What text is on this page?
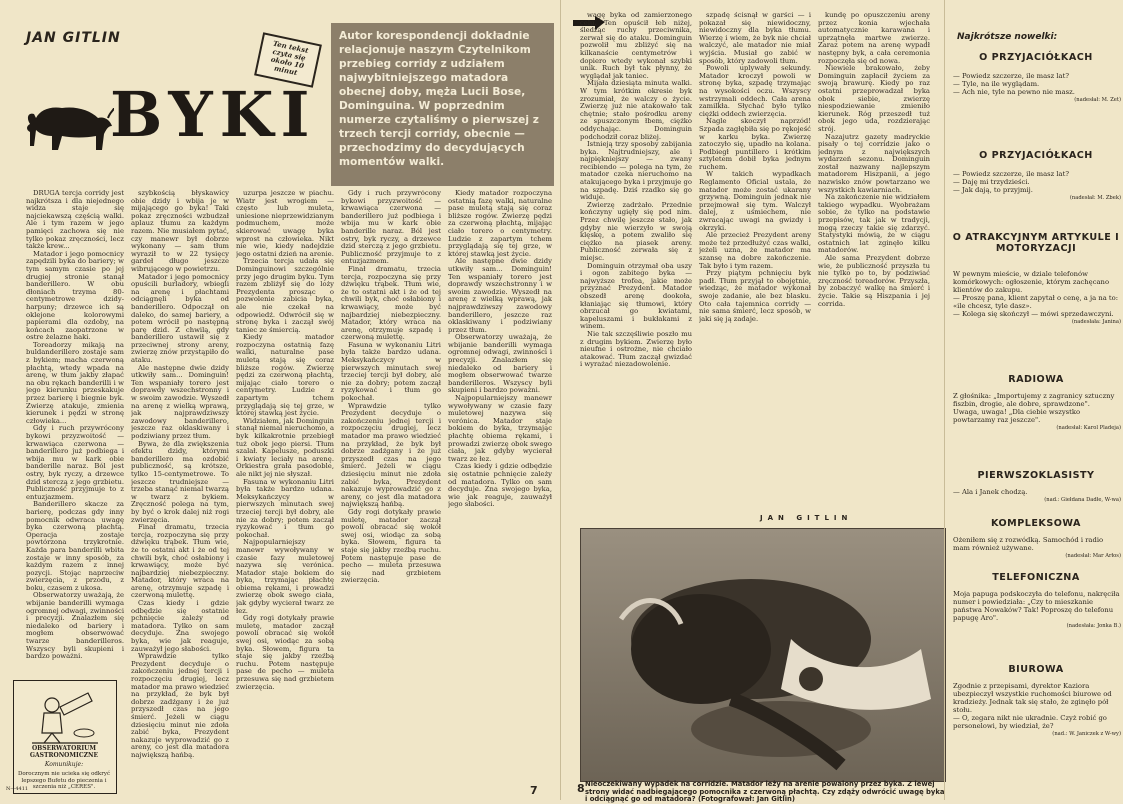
JAN GITLIN
Ten tekst czyta się około 10 minut
Autor korespondencji dokładnie relacjonuje naszym Czytelnikom przebieg corridy z udziałem najwybitniejszego matadora obecnej doby, męża Lucii Bose, Dominguina. W poprzednim numerze czytaliśmy o pierwszej z trzech tercji corridy, obecnie — przechodzimy do decydujących momentów walki.
BYKI

DRUGA tercja corridy jest najkrótsza i dla niejednego widza staje się najciekawszą częścią walki. Ale i tym razem w jego pamięci zachowa się nie tylko pokaz zręczności, lecz także krew...

Matador i jego pomocnicy zapędzili byka do bariery; w tym samym czasie po jej drugiej stronie stanął banderillero. W obu dłoniach trzyma 80-centymetrowe dzidy-harpuny; drzewce ich są oklejone kolorowymi papierami dla ozdoby, na końcach zaopatrzone w ostre żelazne haki.

Toreadorzy mikają na buldanderillero zostaje sam z bykiem; macha czerwoną płachtą, wtedy wpada na arenę, w tłum jakby złapać na obu rękach banderilli i w jego kierunku przeskakuje przez barierę i biegnie byk. Zwierzę atakuje, zmienia kierunek i pędzi w stronę człowieka...

Gdy i ruch przywrócony bykowi przyzwoitość — krwawiąca czerwona — banderillero już podbiega i wbija mu w kark obie banderille naraz. Ból jest ostry, byk ryczy, a drzewce dzid sterczą z jego grzbietu. Publiczność przyjmuje to z entuzjazmem.

Banderillero skacze za barierę, podczas gdy inny pomocnik odwraca uwagę byka czerwoną płachtą. Operacja zostaje powtórzona trzykrotnie. Każda para banderilli wbita zostaje w inny sposób, za każdym razem z innej pozycji. Stojąc naprzeciw zwierzęcia, z przodu, z boku, czasem z ukosa.

Obserwatorzy uważają, że wbijanie banderilli wymaga ogromnej odwagi, zwinności i precyzji. Znalazłem się niedaleko od bariery i mogłem obserwować twarze banderilleros. Wszyscy byli skupieni i bardzo poważni.

szybkością błyskawicy obie dzidy i wbija je w mijającego go byka! Taki pokaz zręczności wzbudzał aplauz tłumu za każdym razem. Nie musiałem pytać, czy manewr był dobrze wykonany — sam tłum wyraził to w 22 tysięcy gardeł długo jeszcze wibrującego w powietrzu.

Matador i jego pomocnicy opuścili burladory, wbiegli na arenę i płachtami odciągnęli byka od banderillero. Odpoczął on daleko, do samej bariery, a potem wrócił po następną parę dzid. Z chwilą, gdy banderillero ustawił się z przeciwnej strony areny, zwierzę znów przystąpiło do ataku.

Ale następne dwie dzidy utkwiły sam... Dominguin! Ten wspaniały torero jest doprawdy wszechstronny i w swoim zawodzie. Wyszedł na arenę z wielką wprawą, jak najprawdziwszy zawodowy banderillero, jeszcze raz oklaskiwany i podziwiany przez tłum.

Bywa, że dla zwiększenia efektu dzidy, którymi banderillero ma ozdobić publiczność, są krótsze, tylko 15-centymetrowe. To jeszcze trudniejsze — trzeba stanąć niemal twarzą w twarz z bykiem. Zręczność polega na tym, by być o krok dalej niż rogi zwierzęcia.

Finał dramatu, trzecia tercja, rozpoczyna się przy dźwięku trąbek. Tłum wie, że to ostatni akt i że od tej chwili byk, choć osłabiony i krwawiący, może być najbardziej niebezpieczny. Matador, który wraca na arenę, otrzymuje szpadę i czerwoną mulettę.

Czas kiedy i gdzie odbędzie się ostatnie pchnięcie zależy od matadora. Tylko on sam decyduje. Zna swojego byka, wie jak reaguje, zauważył jego słabości.

Wprawdzie tylko Prezydent decyduje o zakończeniu jednej tercji i rozpoczęciu drugiej, lecz matador ma prawo wiedzieć na przykład, że byk był dobrze zadźgany i że już przyszedł czas na jego śmierć. Jeżeli w ciągu dziesięciu minut nie zdoła zabić byka, Prezydent nakazuje wyprowadzić go z areny, co jest dla matadora największą hańbą.

uzurpa jeszcze w piachu. Wiatr jest wrogiem — często lub muleta, uniesione nieprzewidzianym podmuchem, może skierować uwagę byka wprost na człowieka. Nikt nie wie, kiedy nadejdzie jego ostatni dzień na arenie.

Trzecia tercja udała się Dominguinowi szczególnie przy jego drugim byku. Tym razem zbliżył się do loży Prezydenta prosząc o pozwolenie zabicia byka, ale nie czekał na odpowiedź. Odwrócił się w stronę byka i zaczął swój taniec ze śmiercią.

Kiedy matador rozpoczyna ostatnią fazę walki, naturalne pase muletą stają się coraz bliższe rogów. Zwierzę pędzi za czerwoną płachtą, mijając ciało torero o centymetry. Ludzie z zapartym tchem przyglądają się tej grze, w której stawką jest życie.

Widziałem, jak Dominguin stanął niemal nieruchomo, a byk kilkakrotnie przebiegł tuż obok jego piersi. Tłum szalał. Kapelusze, poduszki i kwiaty leciały na arenę. Orkiestra grała pasodoble, ale nikt jej nie słyszał.

Fasuna w wykonaniu Litri była także bardzo udana. Meksykańczycy w pierwszych minutach swej trzeciej tercji był dobry, ale nie za dobry; potem zaczął ryzykować i tłum go pokochał.

Najpopularniejszy manewr wywoływany w czasie fazy muletowej nazywa się verónica. Matador staje bokiem do byka, trzymając płachtę obiema rękami, i prowadzi zwierzę obok swego ciała, jak gdyby wycierał twarz ze łez.

Gdy rogi dotykały prawie muletę, matador zaczął powoli obracać się wokół swej osi, wiodąc za sobą byka. Słowem, figura ta staje się jakby rzeźbą ruchu. Potem następuje pase de pecho — muleta przesuwa się nad grzbietem zwierzęcia.

Gdy i ruch przywrócony bykowi przyzwoitość — krwawiąca czerwona — banderillero już podbiega i wbija mu w kark obie banderille naraz. Ból jest ostry, byk ryczy, a drzewce dzid sterczą z jego grzbietu. Publiczność przyjmuje to z entuzjazmem.

Finał dramatu, trzecia tercja, rozpoczyna się przy dźwięku trąbek. Tłum wie, że to ostatni akt i że od tej chwili byk, choć osłabiony i krwawiący, może być najbardziej niebezpieczny. Matador, który wraca na arenę, otrzymuje szpadę i czerwoną mulettę.

Fasuna w wykonaniu Litri była także bardzo udana. Meksykańczycy w pierwszych minutach swej trzeciej tercji był dobry, ale nie za dobry; potem zaczął ryzykować i tłum go pokochał.

Wprawdzie tylko Prezydent decyduje o zakończeniu jednej tercji i rozpoczęciu drugiej, lecz matador ma prawo wiedzieć na przykład, że byk był dobrze zadźgany i że już przyszedł czas na jego śmierć. Jeżeli w ciągu dziesięciu minut nie zdoła zabić byka, Prezydent nakazuje wyprowadzić go z areny, co jest dla matadora największą hańbą.

Gdy rogi dotykały prawie muletę, matador zaczął powoli obracać się wokół swej osi, wiodąc za sobą byka. Słowem, figura ta staje się jakby rzeźbą ruchu. Potem następuje pase de pecho — muleta przesuwa się nad grzbietem zwierzęcia.

Kiedy matador rozpoczyna ostatnią fazę walki, naturalne pase muletą stają się coraz bliższe rogów. Zwierzę pędzi za czerwoną płachtą, mijając ciało torero o centymetry. Ludzie z zapartym tchem przyglądają się tej grze, w której stawką jest życie.

Ale następne dwie dzidy utkwiły sam... Dominguin! Ten wspaniały torero jest doprawdy wszechstronny i w swoim zawodzie. Wyszedł na arenę z wielką wprawą, jak najprawdziwszy zawodowy banderillero, jeszcze raz oklaskiwany i podziwiany przez tłum.

Obserwatorzy uważają, że wbijanie banderilli wymaga ogromnej odwagi, zwinności i precyzji. Znalazłem się niedaleko od bariery i mogłem obserwować twarze banderilleros. Wszyscy byli skupieni i bardzo poważni.

Najpopularniejszy manewr wywoływany w czasie fazy muletowej nazywa się verónica. Matador staje bokiem do byka, trzymając płachtę obiema rękami, i prowadzi zwierzę obok swego ciała, jak gdyby wycierał twarz ze łez.

Czas kiedy i gdzie odbędzie się ostatnie pchnięcie zależy od matadora. Tylko on sam decyduje. Zna swojego byka, wie jak reaguje, zauważył jego słabości.

OBSERWATORIUM GASTRONOMICZNE
Komunikuje:
Dorocznym nie ucieka się odkryć lepszego Bufetu do pieczenia i szczenia niż „CERES".	7
N—4411

wagę byka od zamierzonego celu. Ten opuścił łeb niżej, śledząc ruchy przeciwnika, zerwał się do ataku. Dominguin pozwolił mu zbliżyć się na kilkanaście centymetrów i dopiero wtedy wykonał szybki unik. Ruch był tak płynny, że wyglądał jak taniec.

Mijała dziesiąta minuta walki. W tym krótkim okresie byk zrozumiał, że walczy o życie. Zwierzę już nie atakowało tak chętnie; stało pośrodku areny ze spuszczonym łbem, ciężko oddychając. Dominguin podchodził coraz bliżej.

Istnieją trzy sposoby zabijania byka. Najtrudniejszy, ale i najpiękniejszy — zwany recibiendo — polega na tym, że matador czeka nieruchomo na atakującego byka i przyjmuje go na szpadę. Dziś rzadko się go widuje.

Zwierzę zadrżało. Przednie kończyny ugięły się pod nim. Przez chwilę jeszcze stało, jak gdyby nie wierzyło w swoją klęskę, a potem zwaliło się ciężko na piasek areny. Publiczność zerwała się z miejsc.

Dominguin otrzymał oba uszy i ogon zabitego byka — najwyższe trofea, jakie może przyznać Prezydent. Matador obszedł arenę dookoła, kłaniając się tłumowi, który obrzucał go kwiatami, kapeluszami i bukłakami z winem.

Nie tak szczęśliwie poszło mu z drugim bykiem. Zwierzę było nieufne i ostrożne, nie chciało atakować. Tłum zaczął gwizdać i wyrażać niezadowolenie.

szpadę ścisnął w garści — i pokazał się niewidoczny, niewidoczny dla byka tłumu. Wierzę i wiem, że byk nie chciał walczyć, ale matador nie miał wyjścia. Musiał go zabić w sposób, który zadowoli tłum.

Powoli uplywały sekundy. Matador kroczył powoli w stronę byka, szpadę trzymając na wysokości oczu. Wszyscy wstrzymali oddech. Cała arena zamilkła. Słychać było tylko ciężki oddech zwierzęcia.

Nagle skoczył naprzód! Szpada zagłębiła się po rękojeść w karku byka. Zwierzę zatoczyło się, upadło na kolana. Podbiegł puntillero i krótkim sztyletem dobił byka jednym ruchem.

W takich wypadkach Reglamento Oficial ustala, że matador może zostać ukarany grzywną. Dominguin jednak nie przejmował się tym. Walczył dalej, z uśmiechem, nie zwracając uwagi na gwizdy i okrzyki.

Ale przecież Prezydent areny może też przedłużyć czas walki, jeżeli uzna, że matador ma szansę na dobre zakończenie. Tak było i tym razem.

Przy piątym pchnięciu byk padł. Tłum przyjął to obojętnie, wiedząc, że matador wykonał swoje zadanie, ale bez blasku. Oto cała tajemnica corridy — nie sama śmierć, lecz sposób, w jaki się ją zadaje.

kundę po opuszczeniu areny przez konia wjechała automatycznie karawana i uprzątnęła martwe zwierzę. Zaraz potem na arenę wypadł następny byk, a cała ceremonia rozpoczęła się od nowa.

Niewiele brakowało, żeby Dominguin zapłacił życiem za swoją brawurę. Kiedy po raz ostatni przeprowadzał byka obok siebie, zwierzę niespodziewanie zmieniło kierunek. Róg przeszedł tuż obok jego uda, rozdzierając strój.

Nazajutrz gazety madryckie pisały o tej corridzie jako o jednym z największych wydarzeń sezonu. Dominguin został nazwany najlepszym matadorem Hiszpanii, a jego nazwisko znów powtarzano we wszystkich kawiarniach.

Na zakończenie nie widziałem takiego wypadku. Wyobrażam sobie, że tylko na podstawie przepisów, tak jak w tradycji, mogą rzeczy takie się zdarzyć. Statystyki mówią, że w ciągu ostatnich lat zginęło kilku matadorów.

Ale sama Prezydent dobrze wie, że publiczność przyszła tu nie tylko po to, by podziwiać zręczność toreadorów. Przyszła, by zobaczyć walkę na śmierć i życie. Takie są Hiszpania i jej corrida.

8
JAN GITLIN
Nieoczekiwany wypadek na corridzie. Matador leży na arenie powalony przez byka. Z lewej strony widać nadbiegającego pomocnika z czerwoną płachtą. Czy zdąży odwrócić uwagę byka i odciągnąć go od matadora? (Fotografował: Jan Gitlin)
Najkrótsze nowelki:
O PRZYJACIÓŁKACH

— Powiedz szczerze, ile masz lat?

— Tyle, na ile wyglądam.

— Ach nie, tyle na pewno nie masz.

(nadesłał: M. Zet)

O PRZYJACIÓŁKACH

— Powiedz szczerze, ile masz lat?

— Daję mi trzydzieści.

— Jak dają, to przyjmij.

(nadesłał: M. Zbek)

O ATRAKCYJNYM ARTYKULE I MOTORYZACJI

W pewnym mieście, w dziale telefonów komórkowych: ogłoszenie, którym zachęcano klientów do zakupu.

— Proszę pana, klient zapytał o cenę, a ja na to: «ile chcesz, tyle dasz».

— Kolega się skończył — mówi sprzedawczyni.

(nadesłała: Janina)

RADIOWA

Z głośnika: „Importujemy z zagranicy sztuczny fiszbin, drogie, ale dobre, sprawdzone".

Uwaga, uwaga! „Dla ciebie wszystko powtarzamy raz jeszcze".

(nadesłał: Karol Pladeja)

PIERWSZOKLASISTY

— Ala i Janek chodzą.

(nad.: Giełdana Dadłe, W-wa)

KOMPLEKSOWA

Ożeniłem się z rozwódką. Samochód i radio mam również używane.

(nadesłał: Mar Arłos)

TELEFONICZNA

Moja papuga podskoczyła do telefonu, nakręciła numer i powiedziała: „Czy to mieszkanie państwa Nowaków? Tak! Poproszę do telefonu papugę Aro".

(nadesłała: Jonka B.)

BIUROWA

Zgodnie z przepisami, dyrektor Kaziora ubezpieczył wszystkie ruchomości biurowe od kradzieży. Jednak tak się stało, że zginęło pół stołu.

— O, zegara nikt nie ukradnie. Czyż robić go personelowi, by wiedział, że?

(nad.: W. Janiczek z W-wy)
